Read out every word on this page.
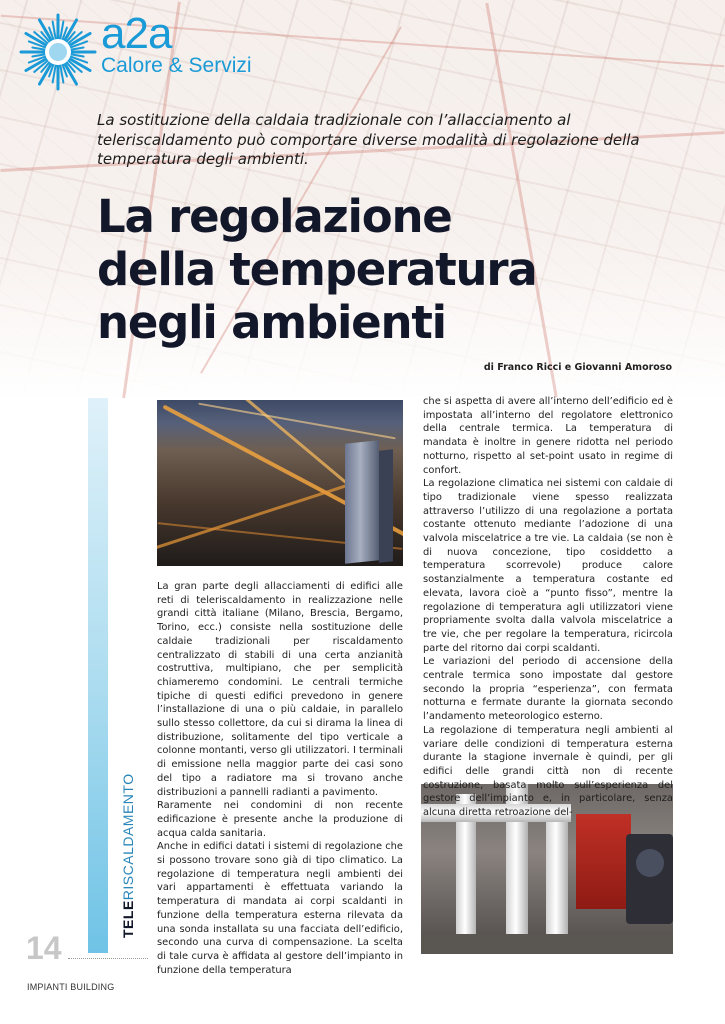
a2a
Calore & Servizi

La sostituzione della caldaia tradizionale con l’allacciamento al teleriscaldamento può comportare diverse modalità di regolazione della temperatura degli ambienti.

La regolazione
della temperatura
negli ambienti
di Franco Ricci e Giovanni Amoroso
TELERISCALDAMENTO
14
IMPIANTI BUILDING

La gran parte degli allacciamenti di edifici alle reti di teleriscaldamento in realizzazione nelle grandi città italiane (Milano, Brescia, Bergamo, Torino, ecc.) consiste nella sostituzione delle caldaie tradizionali per riscaldamento centralizzato di stabili di una certa anzianità costruttiva, multipiano, che per semplicità chiameremo condomini. Le centrali termiche tipiche di questi edifici prevedono in genere l’installazione di una o più caldaie, in parallelo sullo stesso collettore, da cui si dirama la linea di distribuzione, solitamente del tipo verticale a colonne montanti, verso gli utilizzatori. I terminali di emissione nella maggior parte dei casi sono del tipo a radiatore ma si trovano anche distribuzioni a pannelli radianti a pavimento.

Raramente nei condomini di non recente edificazione è presente anche la produzione di acqua calda sanitaria.

Anche in edifici datati i sistemi di regolazione che si possono trovare sono già di tipo climatico. La regolazione di temperatura negli ambienti dei vari appartamenti è effettuata variando la temperatura di mandata ai corpi scaldanti in funzione della temperatura esterna rilevata da una sonda installata su una facciata dell’edificio, secondo una curva di compensazione. La scelta di tale curva è affidata al gestore dell’impianto in funzione della temperatura

che si aspetta di avere all’interno dell’edificio ed è impostata all’interno del regolatore elettronico della centrale termica. La temperatura di mandata è inoltre in genere ridotta nel periodo notturno, rispetto al set-point usato in regime di confort.

La regolazione climatica nei sistemi con caldaie di tipo tradizionale viene spesso realizzata attraverso l’utilizzo di una regolazione a portata costante ottenuto mediante l’adozione di una valvola miscelatrice a tre vie. La caldaia (se non è di nuova concezione, tipo cosiddetto a temperatura scorrevole) produce calore sostanzialmente a temperatura costante ed elevata, lavora cioè a “punto fisso”, mentre la regolazione di temperatura agli utilizzatori viene propriamente svolta dalla valvola miscelatrice a tre vie, che per regolare la temperatura, ricircola parte del ritorno dai corpi scaldanti.

Le variazioni del periodo di accensione della centrale termica sono impostate dal gestore secondo la propria “esperienza”, con fermata notturna e fermate durante la giornata secondo l’andamento meteorologico esterno.

La regolazione di temperatura negli ambienti al variare delle condizioni di temperatura esterna durante la stagione invernale è quindi, per gli edifici delle grandi città non di recente costruzione, basata molto sull’esperienza del gestore dell’impianto e, in particolare, senza alcuna diretta retroazione del-
